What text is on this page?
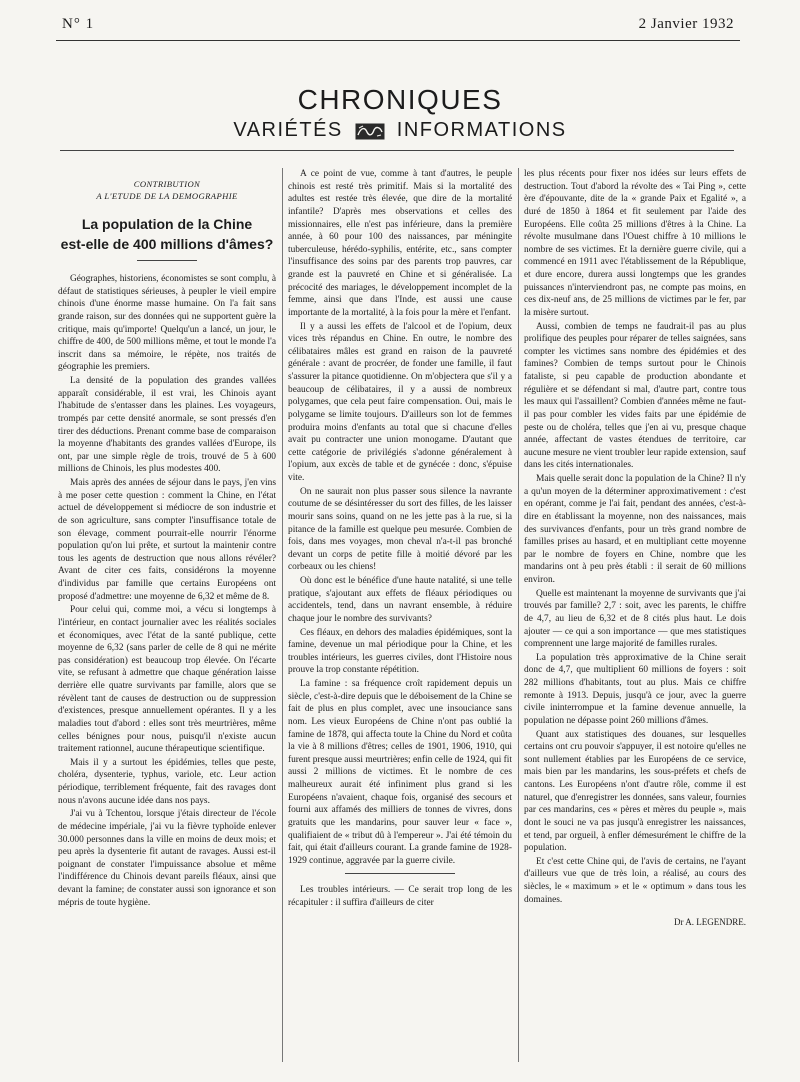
N° 1	2 Janvier 1932
CHRONIQUES
VARIÉTÉS	INFORMATIONS
CONTRIBUTION
A L'ETUDE DE LA DEMOGRAPHIE
La population de la Chine
est-elle de 400 millions d'âmes?

Géographes, historiens, économistes se sont complu, à défaut de statistiques sérieuses, à peupler le vieil empire chinois d'une énorme masse humaine. On l'a fait sans grande raison, sur des données qui ne supportent guère la critique, mais qu'importe! Quelqu'un a lancé, un jour, le chiffre de 400, de 500 millions même, et tout le monde l'a inscrit dans sa mémoire, le répète, nos traités de géographie les premiers.

La densité de la population des grandes vallées apparaît considérable, il est vrai, les Chinois ayant l'habitude de s'entasser dans les plaines. Les voyageurs, trompés par cette densité anormale, se sont pressés d'en tirer des déductions. Prenant comme base de comparaison la moyenne d'habitants des grandes vallées d'Europe, ils ont, par une simple règle de trois, trouvé de 5 à 600 millions de Chinois, les plus modestes 400.

Mais après des années de séjour dans le pays, j'en vins à me poser cette question : comment la Chine, en l'état actuel de développement si médiocre de son industrie et de son agriculture, sans compter l'insuffisance totale de son élevage, comment pourrait-elle nourrir l'énorme population qu'on lui prête, et surtout la maintenir contre tous les agents de destruction que nous allons révéler? Avant de citer ces faits, considérons la moyenne d'individus par famille que certains Européens ont proposé d'admettre: une moyenne de 6,32 et même de 8.

Pour celui qui, comme moi, a vécu si longtemps à l'intérieur, en contact journalier avec les réalités sociales et économiques, avec l'état de la santé publique, cette moyenne de 6,32 (sans parler de celle de 8 qui ne mérite pas considération) est beaucoup trop élevée. On l'écarte vite, se refusant à admettre que chaque génération laisse derrière elle quatre survivants par famille, alors que se révèlent tant de causes de destruction ou de suppression d'existences, presque annuellement opérantes. Il y a les maladies tout d'abord : elles sont très meurtrières, même celles bénignes pour nous, puisqu'il n'existe aucun traitement rationnel, aucune thérapeutique scientifique.

Mais il y a surtout les épidémies, telles que peste, choléra, dysenterie, typhus, variole, etc. Leur action périodique, terriblement fréquente, fait des ravages dont nous n'avons aucune idée dans nos pays.

J'ai vu à Tchentou, lorsque j'étais directeur de l'école de médecine impériale, j'ai vu la fièvre typhoïde enlever 30.000 personnes dans la ville en moins de deux mois; et peu après la dysenterie fit autant de ravages. Aussi est-il poignant de constater l'impuissance absolue et même l'indifférence du Chinois devant pareils fléaux, ainsi que devant la famine; de constater aussi son ignorance et son mépris de toute hygiène.

A ce point de vue, comme à tant d'autres, le peuple chinois est resté très primitif. Mais si la mortalité des adultes est restée très élevée, que dire de la mortalité infantile? D'après mes observations et celles des missionnaires, elle n'est pas inférieure, dans la première année, à 60 pour 100 des naissances, par méningite tuberculeuse, hérédo-syphilis, entérite, etc., sans compter l'insuffisance des soins par des parents trop pauvres, car grande est la pauvreté en Chine et si généralisée. La précocité des mariages, le développement incomplet de la femme, ainsi que dans l'Inde, est aussi une cause importante de la mortalité, à la fois pour la mère et l'enfant.

Il y a aussi les effets de l'alcool et de l'opium, deux vices très répandus en Chine. En outre, le nombre des célibataires mâles est grand en raison de la pauvreté générale : avant de procréer, de fonder une famille, il faut s'assurer la pitance quotidienne. On m'objectera que s'il y a beaucoup de célibataires, il y a aussi de nombreux polygames, que cela peut faire compensation. Oui, mais le polygame se limite toujours. D'ailleurs son lot de femmes produira moins d'enfants au total que si chacune d'elles avait pu contracter une union monogame. D'autant que cette catégorie de privilégiés s'adonne généralement à l'opium, aux excès de table et de gynécée : donc, s'épuise vite.

On ne saurait non plus passer sous silence la navrante coutume de se désintéresser du sort des filles, de les laisser mourir sans soins, quand on ne les jette pas à la rue, si la pitance de la famille est quelque peu mesurée. Combien de fois, dans mes voyages, mon cheval n'a-t-il pas bronché devant un corps de petite fille à moitié dévoré par les corbeaux ou les chiens!

Où donc est le bénéfice d'une haute natalité, si une telle pratique, s'ajoutant aux effets de fléaux périodiques ou accidentels, tend, dans un navrant ensemble, à réduire chaque jour le nombre des survivants?

Ces fléaux, en dehors des maladies épidémiques, sont la famine, devenue un mal périodique pour la Chine, et les troubles intérieurs, les guerres civiles, dont l'Histoire nous prouve la trop constante répétition.

La famine : sa fréquence croît rapidement depuis un siècle, c'est-à-dire depuis que le déboisement de la Chine se fait de plus en plus complet, avec une insouciance sans nom. Les vieux Européens de Chine n'ont pas oublié la famine de 1878, qui affecta toute la Chine du Nord et coûta la vie à 8 millions d'êtres; celles de 1901, 1906, 1910, qui furent presque aussi meurtrières; enfin celle de 1924, qui fit aussi 2 millions de victimes. Et le nombre de ces malheureux aurait été infiniment plus grand si les Européens n'avaient, chaque fois, organisé des secours et fourni aux affamés des milliers de tonnes de vivres, dons gratuits que les mandarins, pour sauver leur « face », qualifiaient de « tribut dû à l'empereur ». J'ai été témoin du fait, qui était d'ailleurs courant. La grande famine de 1928-1929 continue, aggravée par la guerre civile.

Les troubles intérieurs. — Ce serait trop long de les récapituler : il suffira d'ailleurs de citer

les plus récents pour fixer nos idées sur leurs effets de destruction. Tout d'abord la révolte des « Tai Ping », cette ère d'épouvante, dite de la « grande Paix et Egalité », a duré de 1850 à 1864 et fit seulement par l'aide des Européens. Elle coûta 25 millions d'êtres à la Chine. La révolte musulmane dans l'Ouest chiffre à 10 millions le nombre de ses victimes. Et la dernière guerre civile, qui a commencé en 1911 avec l'établissement de la République, et dure encore, durera aussi longtemps que les grandes puissances n'interviendront pas, ne compte pas moins, en ces dix-neuf ans, de 25 millions de victimes par le fer, par la misère surtout.

Aussi, combien de temps ne faudrait-il pas au plus prolifique des peuples pour réparer de telles saignées, sans compter les victimes sans nombre des épidémies et des famines? Combien de temps surtout pour le Chinois fataliste, si peu capable de production abondante et régulière et se défendant si mal, d'autre part, contre tous les maux qui l'assaillent? Combien d'années même ne faut-il pas pour combler les vides faits par une épidémie de peste ou de choléra, telles que j'en ai vu, presque chaque année, affectant de vastes étendues de territoire, car aucune mesure ne vient troubler leur rapide extension, sauf dans les cités internationales.

Mais quelle serait donc la population de la Chine? Il n'y a qu'un moyen de la déterminer approximativement : c'est en opérant, comme je l'ai fait, pendant des années, c'est-à-dire en établissant la moyenne, non des naissances, mais des survivances d'enfants, pour un très grand nombre de familles prises au hasard, et en multipliant cette moyenne par le nombre de foyers en Chine, nombre que les mandarins ont à peu près établi : il serait de 60 millions environ.

Quelle est maintenant la moyenne de survivants que j'ai trouvés par famille? 2,7 : soit, avec les parents, le chiffre de 4,7, au lieu de 6,32 et de 8 cités plus haut. Le dois ajouter — ce qui a son importance — que mes statistiques comprennent une large majorité de familles rurales.

La population très approximative de la Chine serait donc de 4,7, que multiplient 60 millions de foyers : soit 282 millions d'habitants, tout au plus. Mais ce chiffre remonte à 1913. Depuis, jusqu'à ce jour, avec la guerre civile ininterrompue et la famine devenue annuelle, la population ne dépasse point 260 millions d'âmes.

Quant aux statistiques des douanes, sur lesquelles certains ont cru pouvoir s'appuyer, il est notoire qu'elles ne sont nullement établies par les Européens de ce service, mais bien par les mandarins, les sous-préfets et chefs de cantons. Les Européens n'ont d'autre rôle, comme il est naturel, que d'enregistrer les données, sans valeur, fournies par ces mandarins, ces « pères et mères du peuple », mais dont le souci ne va pas jusqu'à enregistrer les naissances, et tend, par orgueil, à enfler démesurément le chiffre de la population.

Et c'est cette Chine qui, de l'avis de certains, ne l'ayant d'ailleurs vue que de très loin, a réalisé, au cours des siècles, le « maximum » et le « optimum » dans tous les domaines.

Dr A. LEGENDRE.
